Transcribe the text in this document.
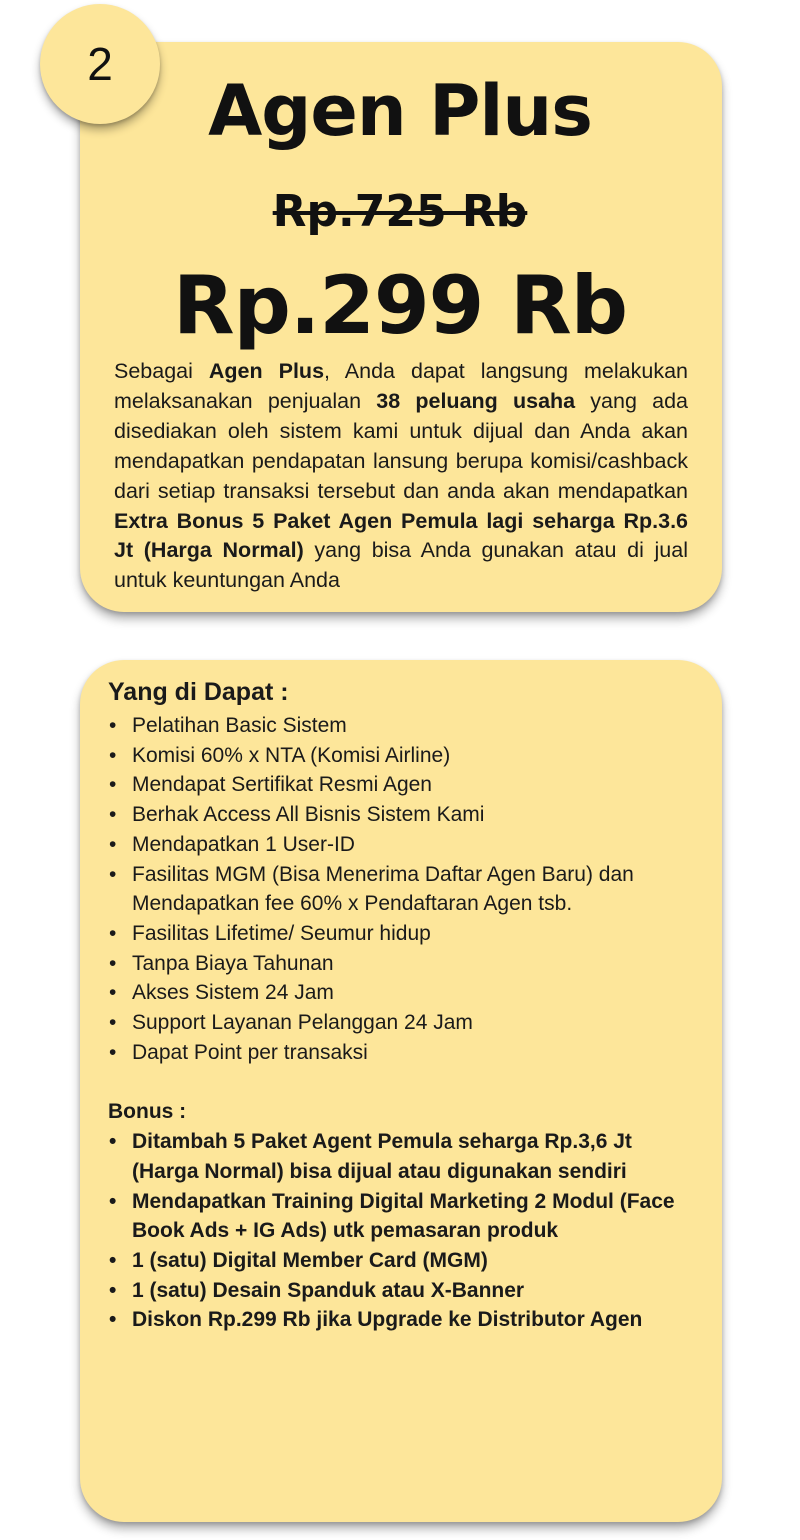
2
Agen Plus
Rp.725 Rb
Rp.299 Rb
Sebagai Agen Plus, Anda dapat langsung melakukan melaksanakan penjualan 38 peluang usaha yang ada disediakan oleh sistem kami untuk dijual dan Anda akan mendapatkan pendapatan lansung berupa komisi/cashback dari setiap transaksi tersebut dan anda akan mendapatkan Extra Bonus 5 Paket Agen Pemula lagi seharga Rp.3.6 Jt (Harga Normal) yang bisa Anda gunakan atau di jual untuk keuntungan Anda
Yang di Dapat :
• Pelatihan Basic Sistem
• Komisi 60% x NTA (Komisi Airline)
• Mendapat Sertifikat Resmi Agen
• Berhak Access All Bisnis Sistem Kami
• Mendapatkan 1 User-ID
• Fasilitas MGM (Bisa Menerima Daftar Agen Baru) dan Mendapatkan fee 60% x Pendaftaran Agen tsb.
• Fasilitas Lifetime/ Seumur hidup
• Tanpa Biaya Tahunan
• Akses Sistem 24 Jam
• Support Layanan Pelanggan 24 Jam
• Dapat Point per transaksi
Bonus :
• Ditambah 5 Paket Agent Pemula seharga Rp.3,6 Jt (Harga Normal) bisa dijual atau digunakan sendiri
• Mendapatkan Training Digital Marketing 2 Modul (Face Book Ads + IG Ads) utk pemasaran produk
• 1 (satu) Digital Member Card (MGM)
• 1 (satu) Desain Spanduk atau X-Banner
• Diskon Rp.299 Rb jika Upgrade ke Distributor Agen
